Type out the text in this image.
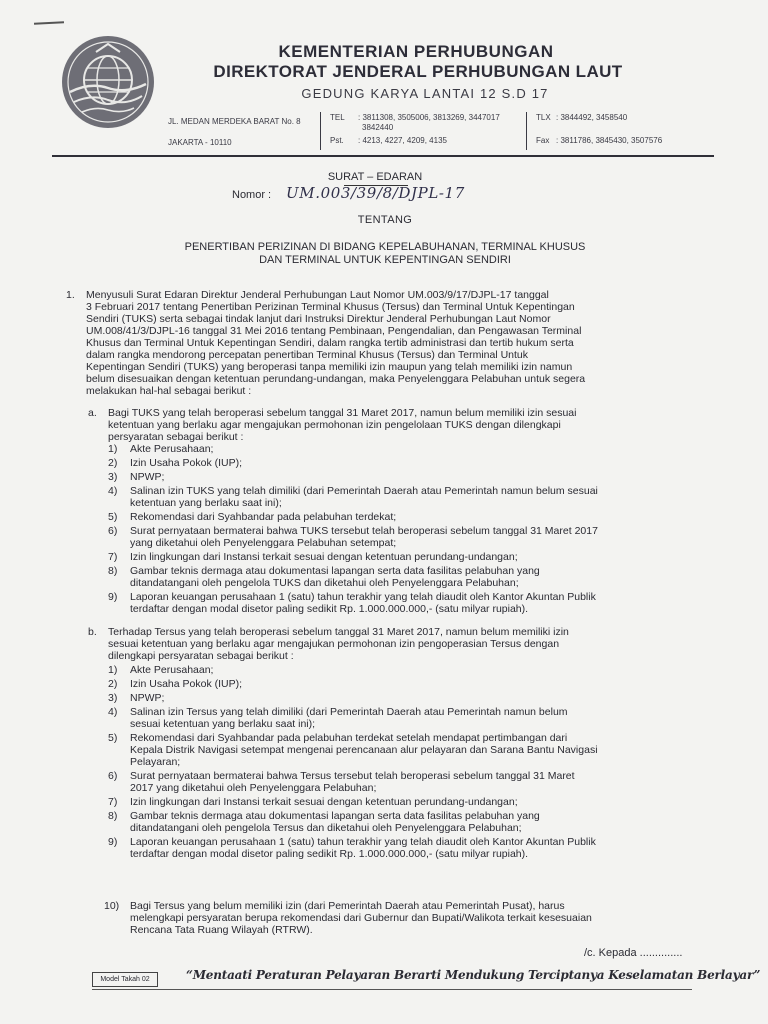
KEMENTERIAN PERHUBUNGAN
DIREKTORAT JENDERAL PERHUBUNGAN LAUT
GEDUNG KARYA LANTAI 12 S.D 17
JL. MEDAN MERDEKA BARAT No. 8
JAKARTA - 10110
TEL : 3811308, 3505006, 3813269, 3447017
3842440
Pst. : 4213, 4227, 4209, 4135
TLX : 3844492, 3458540
Fax : 3811786, 3845430, 3507576
SURAT – EDARAN
Nomor : UM.003/39/8/DJPL-17
TENTANG
PENERTIBAN PERIZINAN DI BIDANG KEPELABUHANAN, TERMINAL KHUSUS
DAN TERMINAL UNTUK KEPENTINGAN SENDIRI
1. Menyusuli Surat Edaran Direktur Jenderal Perhubungan Laut Nomor UM.003/9/17/DJPL-17 tanggal
3 Februari 2017 tentang Penertiban Perizinan Terminal Khusus (Tersus) dan Terminal Untuk Kepentingan
Sendiri (TUKS) serta sebagai tindak lanjut dari Instruksi Direktur Jenderal Perhubungan Laut Nomor
UM.008/41/3/DJPL-16 tanggal 31 Mei 2016 tentang Pembinaan, Pengendalian, dan Pengawasan Terminal
Khusus dan Terminal Untuk Kepentingan Sendiri, dalam rangka tertib administrasi dan tertib hukum serta
dalam rangka mendorong percepatan penertiban Terminal Khusus (Tersus) dan Terminal Untuk
Kepentingan Sendiri (TUKS) yang beroperasi tanpa memiliki izin maupun yang telah memiliki izin namun
belum disesuaikan dengan ketentuan perundang-undangan, maka Penyelenggara Pelabuhan untuk segera
melakukan hal-hal sebagai berikut :
a. Bagi TUKS yang telah beroperasi sebelum tanggal 31 Maret 2017, namun belum memiliki izin sesuai
ketentuan yang berlaku agar mengajukan permohonan izin pengelolaan TUKS dengan dilengkapi
persyaratan sebagai berikut :
1) Akte Perusahaan;
2) Izin Usaha Pokok (IUP);
3) NPWP;
4) Salinan izin TUKS yang telah dimiliki (dari Pemerintah Daerah atau Pemerintah namun belum sesuai
ketentuan yang berlaku saat ini);
5) Rekomendasi dari Syahbandar pada pelabuhan terdekat;
6) Surat pernyataan bermaterai bahwa TUKS tersebut telah beroperasi sebelum tanggal 31 Maret 2017
yang diketahui oleh Penyelenggara Pelabuhan setempat;
7) Izin lingkungan dari Instansi terkait sesuai dengan ketentuan perundang-undangan;
8) Gambar teknis dermaga atau dokumentasi lapangan serta data fasilitas pelabuhan yang
ditandatangani oleh pengelola TUKS dan diketahui oleh Penyelenggara Pelabuhan;
9) Laporan keuangan perusahaan 1 (satu) tahun terakhir yang telah diaudit oleh Kantor Akuntan Publik
terdaftar dengan modal disetor paling sedikit Rp. 1.000.000.000,- (satu milyar rupiah).
b. Terhadap Tersus yang telah beroperasi sebelum tanggal 31 Maret 2017, namun belum memiliki izin
sesuai ketentuan yang berlaku agar mengajukan permohonan izin pengoperasian Tersus dengan
dilengkapi persyaratan sebagai berikut :
1) Akte Perusahaan;
2) Izin Usaha Pokok (IUP);
3) NPWP;
4) Salinan izin Tersus yang telah dimiliki (dari Pemerintah Daerah atau Pemerintah namun belum
sesuai ketentuan yang berlaku saat ini);
5) Rekomendasi dari Syahbandar pada pelabuhan terdekat setelah mendapat pertimbangan dari
Kepala Distrik Navigasi setempat mengenai perencanaan alur pelayaran dan Sarana Bantu Navigasi
Pelayaran;
6) Surat pernyataan bermaterai bahwa Tersus tersebut telah beroperasi sebelum tanggal 31 Maret
2017 yang diketahui oleh Penyelenggara Pelabuhan;
7) Izin lingkungan dari Instansi terkait sesuai dengan ketentuan perundang-undangan;
8) Gambar teknis dermaga atau dokumentasi lapangan serta data fasilitas pelabuhan yang
ditandatangani oleh pengelola Tersus dan diketahui oleh Penyelenggara Pelabuhan;
9) Laporan keuangan perusahaan 1 (satu) tahun terakhir yang telah diaudit oleh Kantor Akuntan Publik
terdaftar dengan modal disetor paling sedikit Rp. 1.000.000.000,- (satu milyar rupiah).
10) Bagi Tersus yang belum memiliki izin (dari Pemerintah Daerah atau Pemerintah Pusat), harus
melengkapi persyaratan berupa rekomendasi dari Gubernur dan Bupati/Walikota terkait kesesuaian
Rencana Tata Ruang Wilayah (RTRW).
/c. Kepada ..............
Model Takah 02	“Mentaati Peraturan Pelayaran Berarti Mendukung Terciptanya Keselamatan Berlayar”
